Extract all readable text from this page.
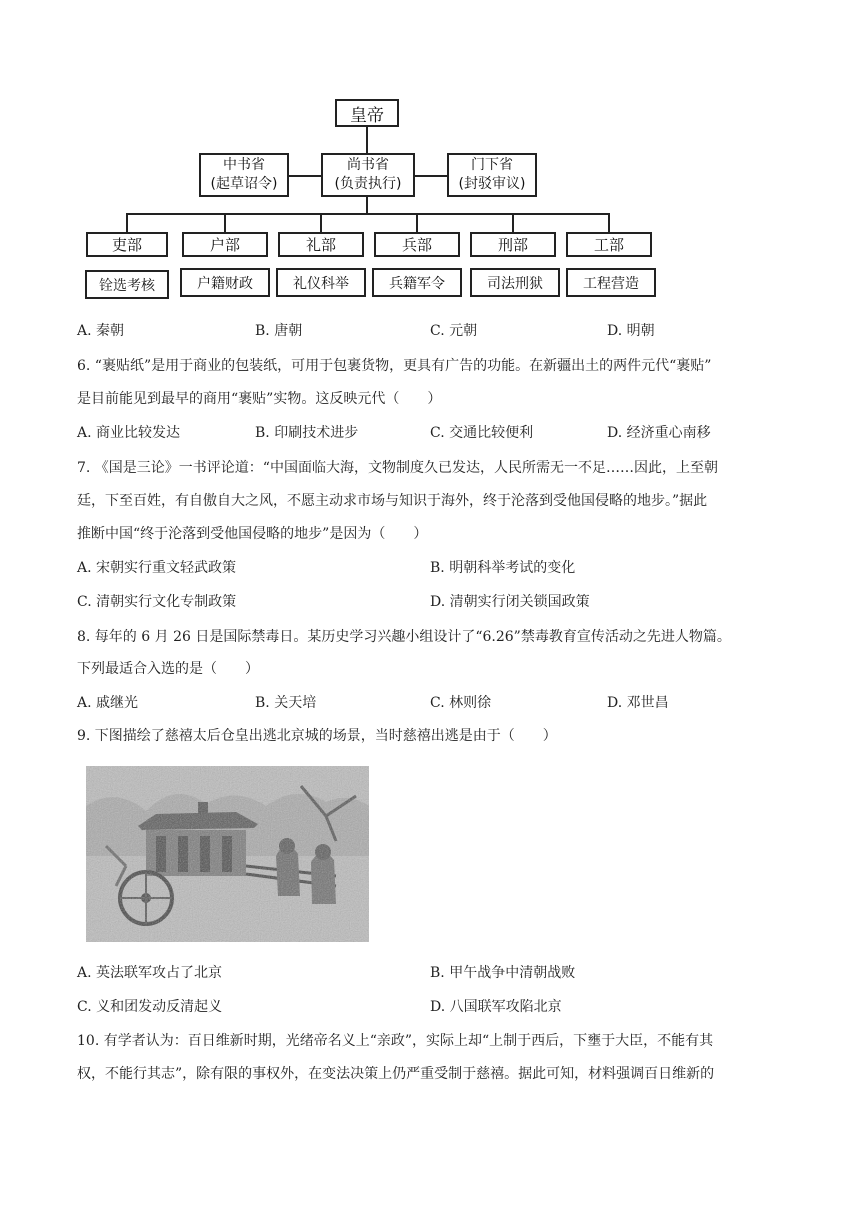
皇帝
中书省
(起草诏令)
尚书省
(负责执行)
门下省
(封驳审议)
吏部	户部	礼部	兵部	刑部	工部
铨选考核	户籍财政	礼仪科举	兵籍军令	司法刑狱	工程营造
A. 秦朝	B. 唐朝	C. 元朝	D. 明朝
6. “裹贴纸”是用于商业的包装纸，可用于包裹货物，更具有广告的功能。在新疆出土的两件元代“裹贴”
是目前能见到最早的商用“裹贴”实物。这反映元代（　　）
A. 商业比较发达	B. 印刷技术进步	C. 交通比较便利	D. 经济重心南移
7. 《国是三论》一书评论道：“中国面临大海，文物制度久已发达，人民所需无一不足……因此，上至朝
廷，下至百姓，有自傲自大之风，不愿主动求市场与知识于海外，终于沦落到受他国侵略的地步。”据此
推断中国“终于沦落到受他国侵略的地步”是因为（　　）
A. 宋朝实行重文轻武政策	B. 明朝科举考试的变化
C. 清朝实行文化专制政策	D. 清朝实行闭关锁国政策
8. 每年的 6 月 26 日是国际禁毒日。某历史学习兴趣小组设计了“6.26”禁毒教育宣传活动之先进人物篇。
下列最适合入选的是（　　）
A. 戚继光	B. 关天培	C. 林则徐	D. 邓世昌
9. 下图描绘了慈禧太后仓皇出逃北京城的场景，当时慈禧出逃是由于（　　）
A. 英法联军攻占了北京	B. 甲午战争中清朝战败
C. 义和团发动反清起义	D. 八国联军攻陷北京
10. 有学者认为：百日维新时期，光绪帝名义上“亲政”，实际上却“上制于西后，下壅于大臣，不能有其
权，不能行其志”，除有限的事权外，在变法决策上仍严重受制于慈禧。据此可知，材料强调百日维新的
